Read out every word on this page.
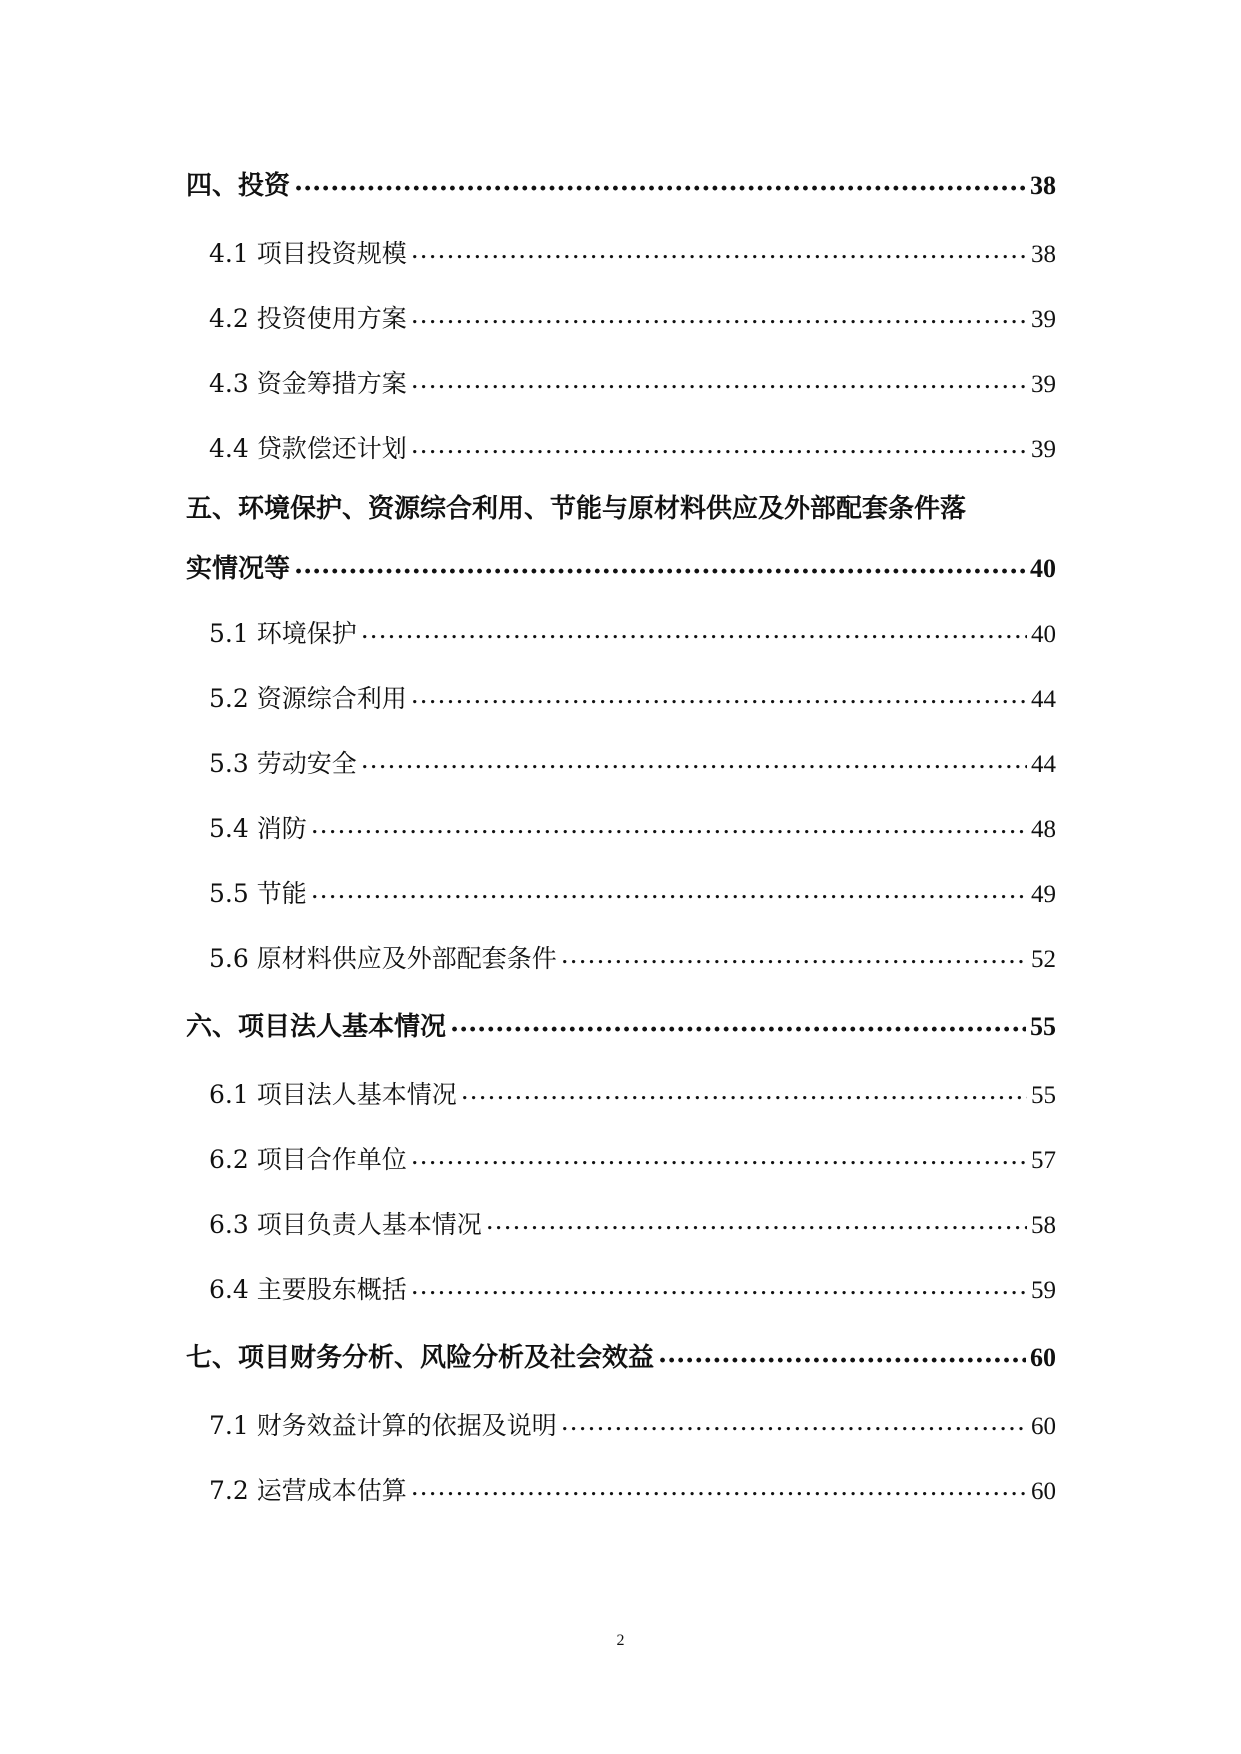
四、投资 .....	38
4.1 项目投资规模 .....	38
4.2 投资使用方案 .....	39
4.3 资金筹措方案 .....	39
4.4 贷款偿还计划 .....	39
五、环境保护、资源综合利用、节能与原材料供应及外部配套条件落
实情况等 .....	40
5.1 环境保护 .....	40
5.2 资源综合利用 .....	44
5.3 劳动安全 .....	44
5.4 消防 .....	48
5.5 节能 .....	49
5.6 原材料供应及外部配套条件 .....	52
六、项目法人基本情况 .....	55
6.1 项目法人基本情况 .....	55
6.2 项目合作单位 .....	57
6.3 项目负责人基本情况 .....	58
6.4 主要股东概括 .....	59
七、项目财务分析、风险分析及社会效益 .....	60
7.1 财务效益计算的依据及说明 .....	60
7.2 运营成本估算 .....	60
2
